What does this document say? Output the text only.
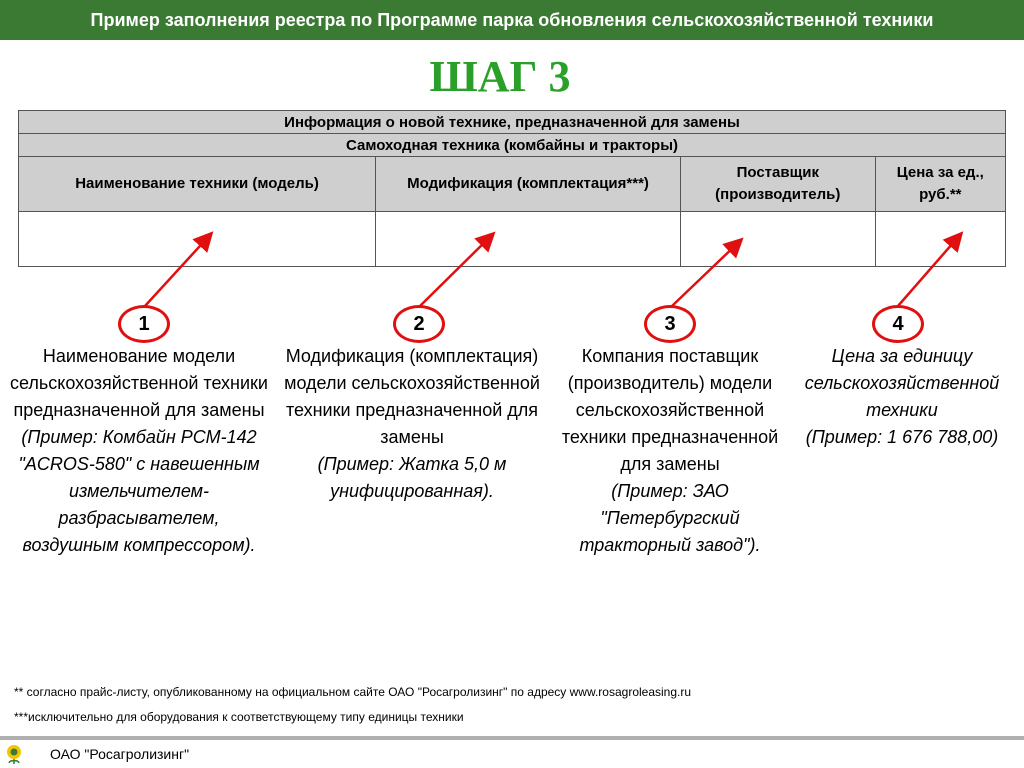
Пример заполнения реестра по Программе парка обновления сельскохозяйственной техники
ШАГ 3
Информация о новой технике, предназначенной для замены			
Самоходная техника (комбайны и тракторы)			
Наименование техники (модель)	Модификация (комплектация***)	Поставщик (производитель)	Цена за ед., руб.**

1	2	3	4
Наименование модели сельскохозяйственной техники предназначенной для замены
(Пример: Комбайн РСМ-142 "ACROS-580" с навешенным измельчителем-разбрасывателем, воздушным компрессором).
Модификация (комплектация) модели сельскохозяйственной техники предназначенной для замены
(Пример: Жатка 5,0 м унифицированная).
Компания поставщик (производитель) модели сельскохозяйственной техники предназначенной для замены
(Пример: ЗАО "Петербургский тракторный завод").
Цена за единицу сельскохозяйственной техники
(Пример: 1 676 788,00)
** согласно прайс-листу, опубликованному на официальном сайте ОАО "Росагролизинг" по адресу www.rosagroleasing.ru
***исключительно для оборудования к соответствующему типу единицы техники
ОАО "Росагролизинг"
